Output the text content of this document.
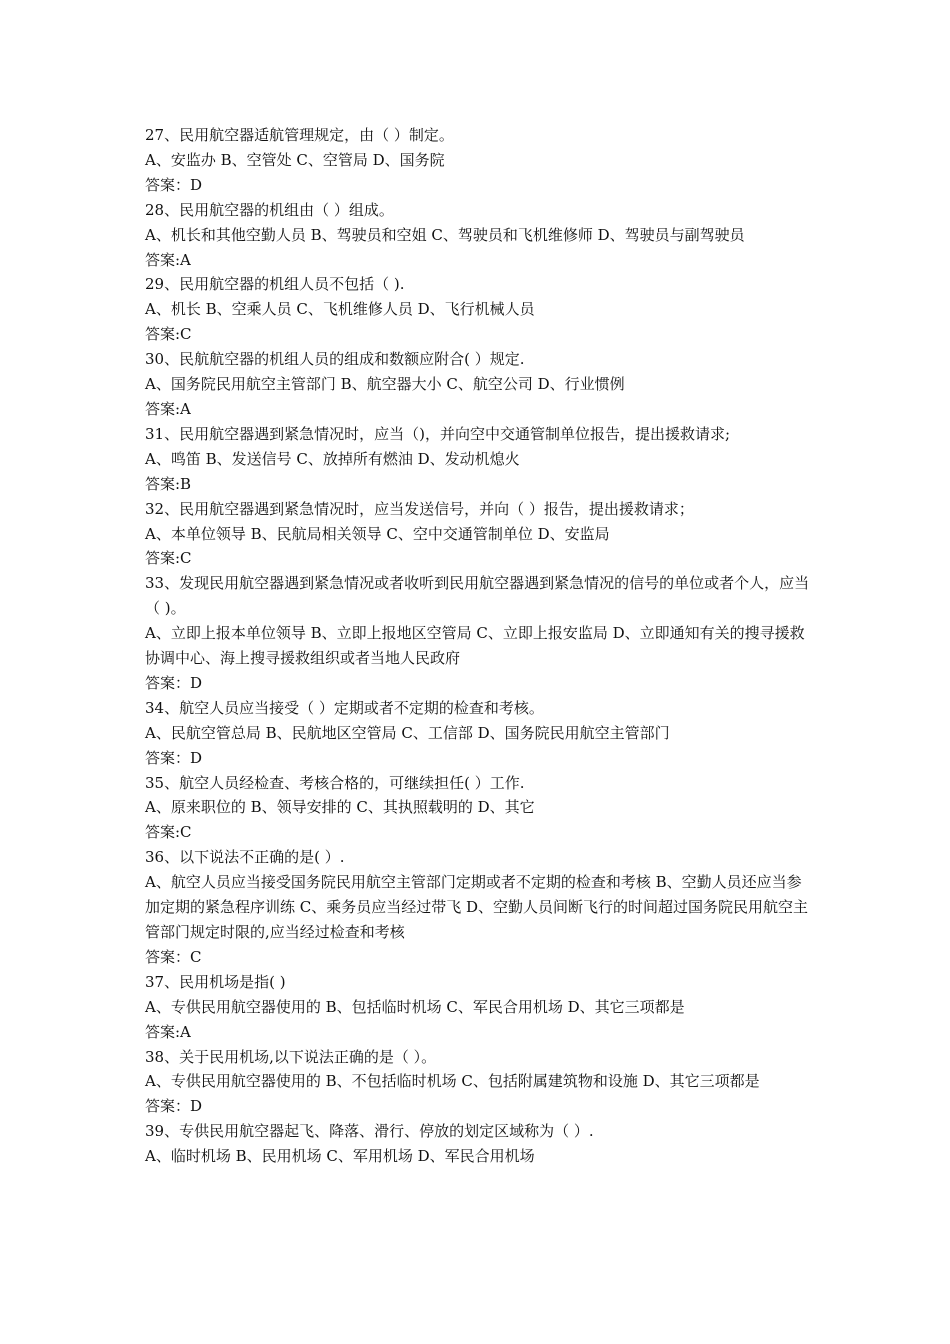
27、民用航空器适航管理规定，由（ ）制定。
A、安监办 B、空管处 C、空管局 D、国务院
答案：D
28、民用航空器的机组由（ ）组成。
A、机长和其他空勤人员 B、驾驶员和空姐 C、驾驶员和飞机维修师 D、驾驶员与副驾驶员
答案:A
29、民用航空器的机组人员不包括（ ).
A、机长 B、空乘人员 C、飞机维修人员 D、飞行机械人员
答案:C
30、民航航空器的机组人员的组成和数额应附合( ）规定.
A、国务院民用航空主管部门 B、航空器大小 C、航空公司 D、行业惯例
答案:A
31、民用航空器遇到紧急情况时，应当（)，并向空中交通管制单位报告，提出援救请求;
A、鸣笛 B、发送信号 C、放掉所有燃油 D、发动机熄火
答案:B
32、民用航空器遇到紧急情况时，应当发送信号，并向（ ）报告，提出援救请求；
A、本单位领导 B、民航局相关领导 C、空中交通管制单位 D、安监局
答案:C
33、发现民用航空器遇到紧急情况或者收听到民用航空器遇到紧急情况的信号的单位或者个人，应当（ )。
A、立即上报本单位领导 B、立即上报地区空管局 C、立即上报安监局 D、立即通知有关的搜寻援救协调中心、海上搜寻援救组织或者当地人民政府
答案：D
34、航空人员应当接受（ ）定期或者不定期的检查和考核。
A、民航空管总局 B、民航地区空管局 C、工信部 D、国务院民用航空主管部门
答案：D
35、航空人员经检查、考核合格的，可继续担任( ）工作.
A、原来职位的 B、领导安排的 C、其执照载明的 D、其它
答案:C
36、以下说法不正确的是( ）.
A、航空人员应当接受国务院民用航空主管部门定期或者不定期的检查和考核 B、空勤人员还应当参加定期的紧急程序训练 C、乘务员应当经过带飞 D、空勤人员间断飞行的时间超过国务院民用航空主管部门规定时限的,应当经过检查和考核
答案：C
37、民用机场是指( )
A、专供民用航空器使用的 B、包括临时机场 C、军民合用机场 D、其它三项都是
答案:A
38、关于民用机场,以下说法正确的是（ ）。
A、专供民用航空器使用的 B、不包括临时机场 C、包括附属建筑物和设施 D、其它三项都是
答案：D
39、专供民用航空器起飞、降落、滑行、停放的划定区域称为（ ）.
A、临时机场 B、民用机场 C、军用机场 D、军民合用机场
